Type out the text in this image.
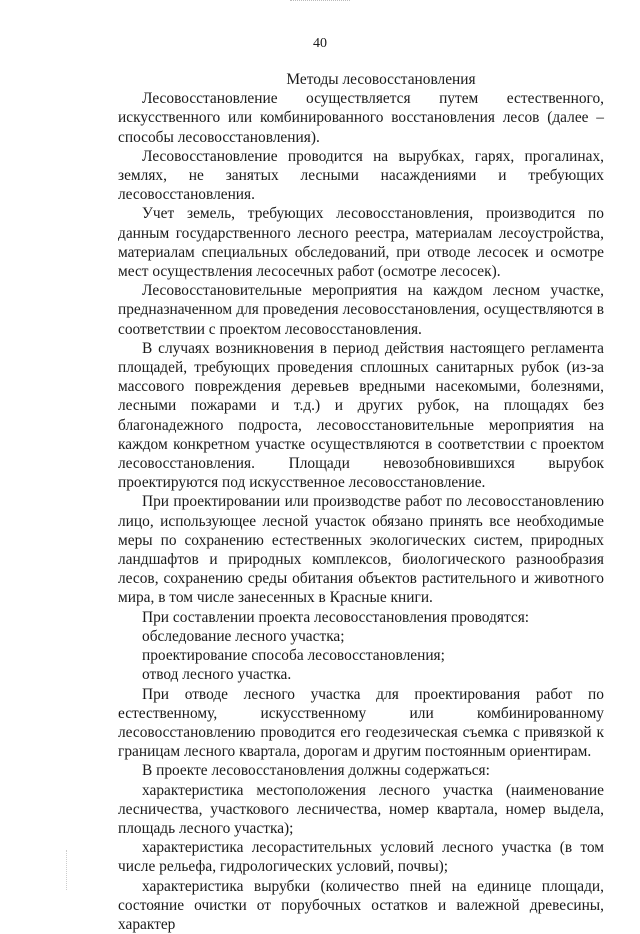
40

Методы лесовосстановления

Лесовосстановление осуществляется путем естественного, искусственного или комбинированного восстановления лесов (далее – способы лесовосстановления).

Лесовосстановление проводится на вырубках, гарях, прогалинах, землях, не занятых лесными насаждениями и требующих лесовосстановления.

Учет земель, требующих лесовосстановления, производится по данным государственного лесного реестра, материалам лесоустройства, материалам специальных обследований, при отводе лесосек и осмотре мест осуществления лесосечных работ (осмотре лесосек).

Лесовосстановительные мероприятия на каждом лесном участке, предназначенном для проведения лесовосстановления, осуществляются в соответствии с проектом лесовосстановления.

В случаях возникновения в период действия настоящего регламента площадей, требующих проведения сплошных санитарных рубок (из-за массового повреждения деревьев вредными насекомыми, болезнями, лесными пожарами и т.д.) и других рубок, на площадях без благонадежного подроста, лесовосстановительные мероприятия на каждом конкретном участке осуществляются в соответствии с проектом лесовосстановления. Площади невозобновившихся вырубок проектируются под искусственное лесовосстановление.

При проектировании или производстве работ по лесовосстановлению лицо, использующее лесной участок обязано принять все необходимые меры по сохранению естественных экологических систем, природных ландшафтов и природных комплексов, биологического разнообразия лесов, сохранению среды обитания объектов растительного и животного мира, в том числе занесенных в Красные книги.

При составлении проекта лесовосстановления проводятся:

обследование лесного участка;

проектирование способа лесовосстановления;

отвод лесного участка.

При отводе лесного участка для проектирования работ по естественному, искусственному или комбинированному лесовосстановлению проводится его геодезическая съемка с привязкой к границам лесного квартала, дорогам и другим постоянным ориентирам.

В проекте лесовосстановления должны содержаться:

характеристика местоположения лесного участка (наименование лесничества, участкового лесничества, номер квартала, номер выдела, площадь лесного участка);

характеристика лесорастительных условий лесного участка (в том числе рельефа, гидрологических условий, почвы);

характеристика вырубки (количество пней на единице площади, состояние очистки от порубочных остатков и валежной древесины, характер
